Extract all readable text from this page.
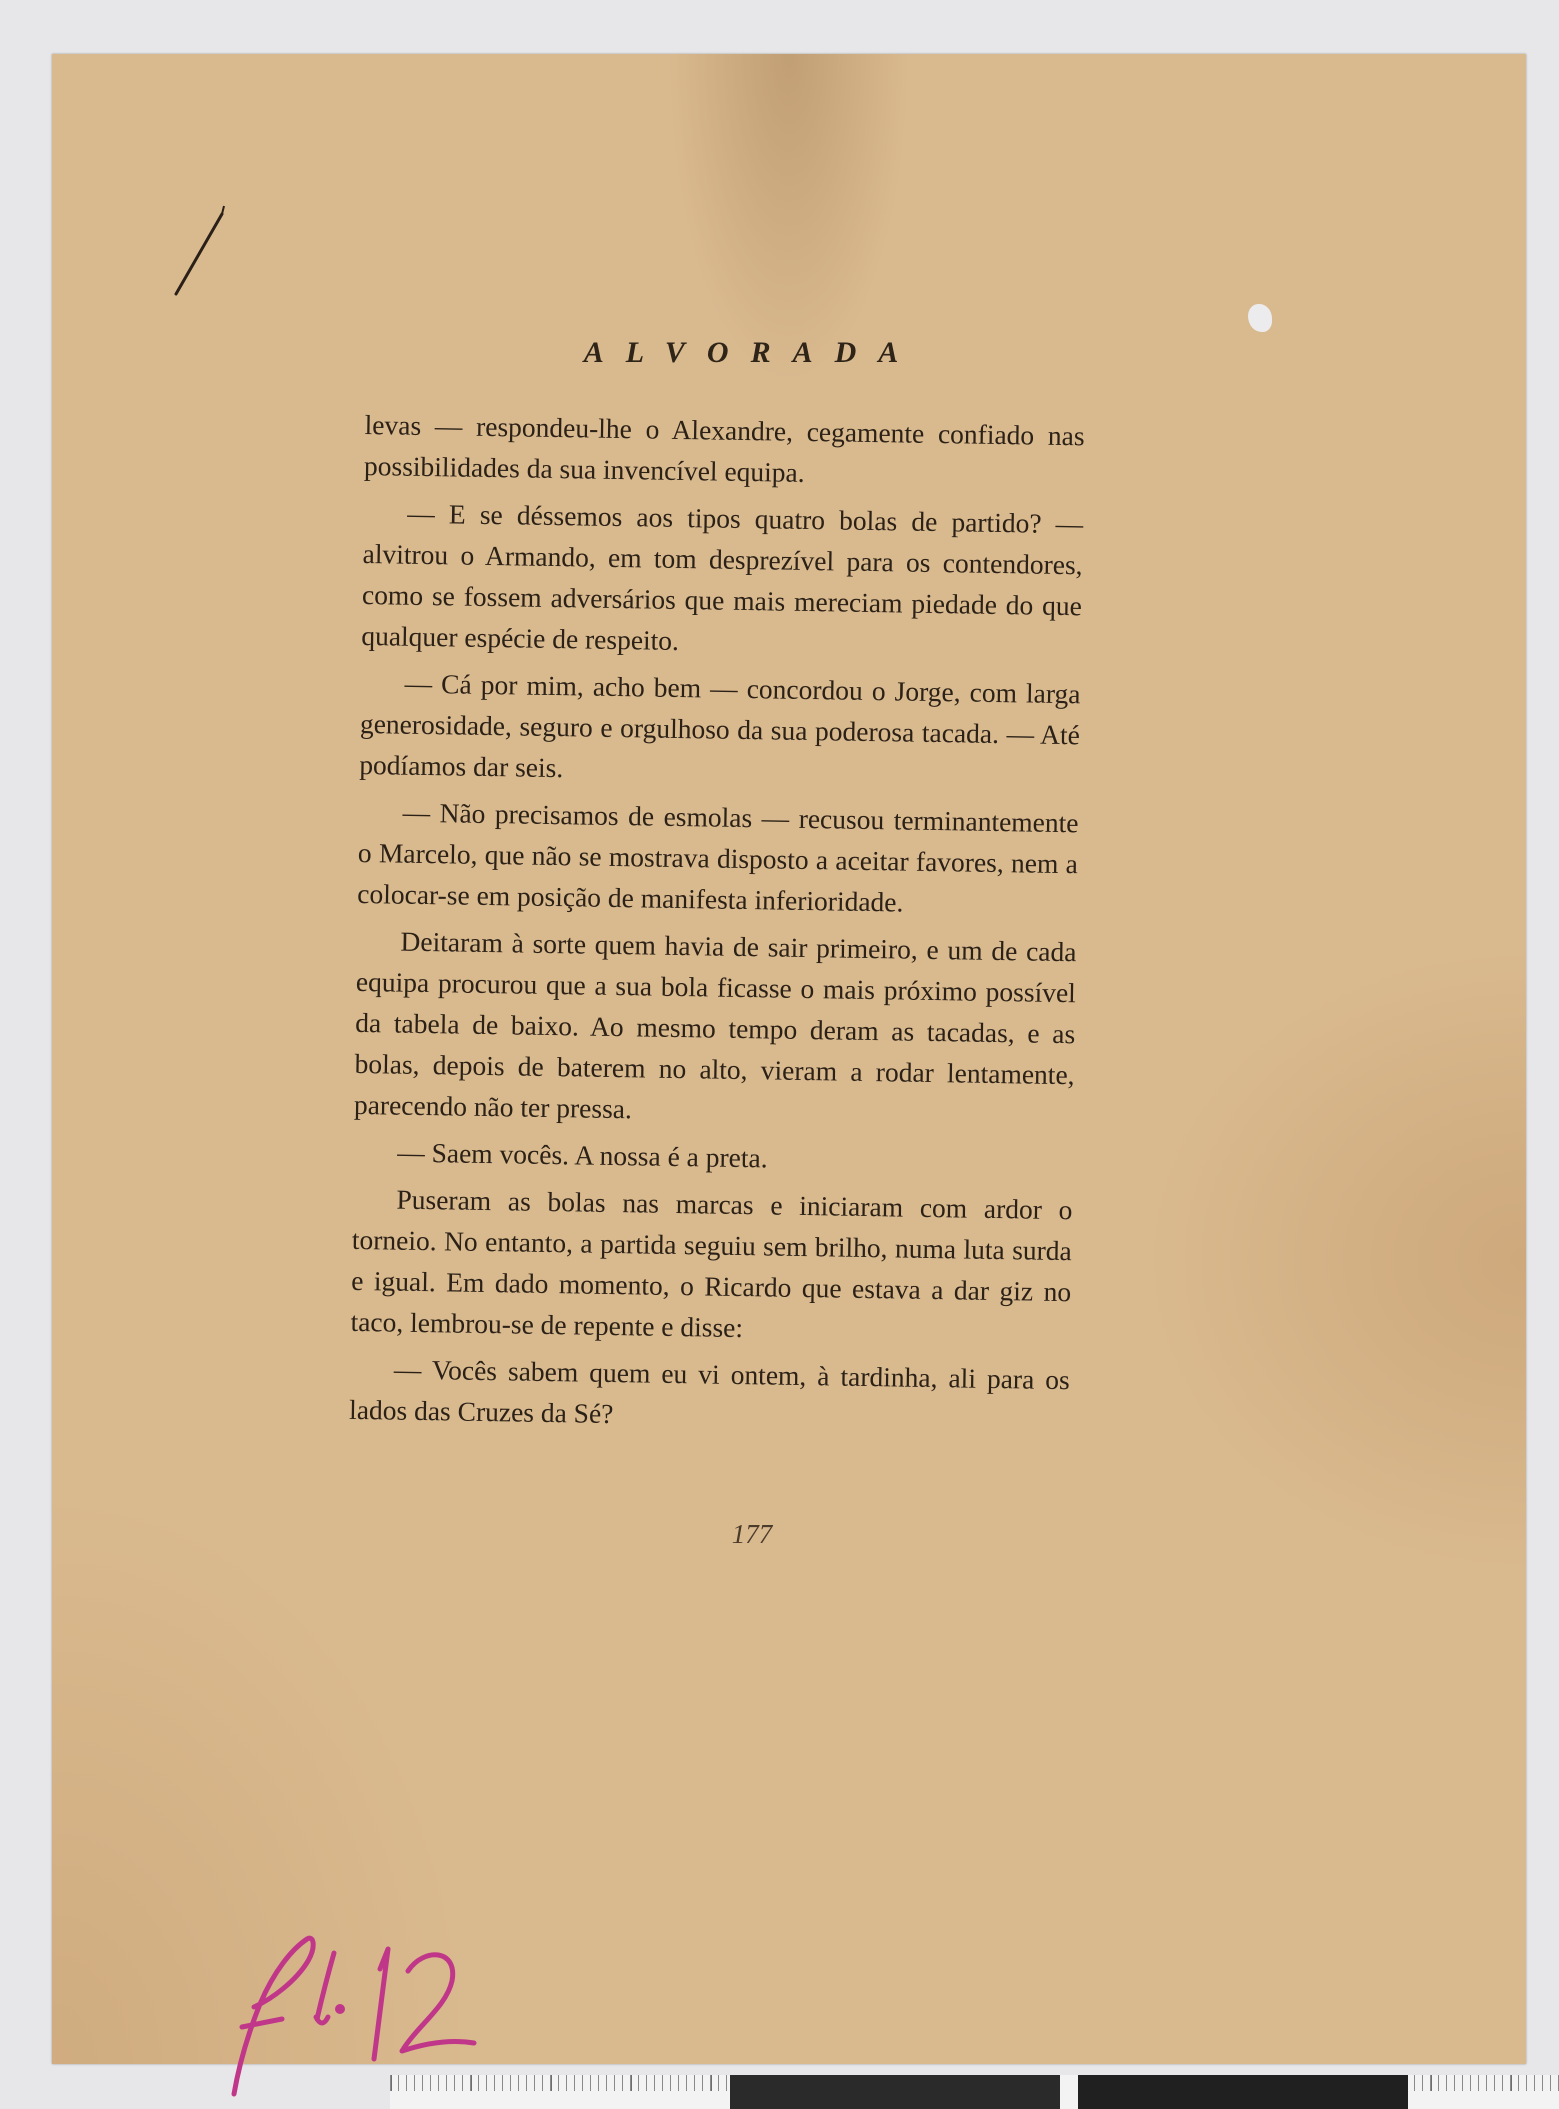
ALVORADA

levas — respondeu-lhe o Alexandre, cegamente confiado nas possibilidades da sua invencível equipa.

— E se déssemos aos tipos quatro bolas de partido? — alvitrou o Armando, em tom desprezível para os contendores, como se fossem adversários que mais mereciam piedade do que qualquer espécie de respeito.

— Cá por mim, acho bem — concordou o Jorge, com larga generosidade, seguro e orgulhoso da sua poderosa tacada. — Até podíamos dar seis.

— Não precisamos de esmolas — recusou terminantemente o Marcelo, que não se mostrava disposto a aceitar favores, nem a colocar-se em posição de manifesta inferioridade.

Deitaram à sorte quem havia de sair primeiro, e um de cada equipa procurou que a sua bola ficasse o mais próximo possível da tabela de baixo. Ao mesmo tempo deram as tacadas, e as bolas, depois de baterem no alto, vieram a rodar lentamente, parecendo não ter pressa.

— Saem vocês. A nossa é a preta.

Puseram as bolas nas marcas e iniciaram com ardor o torneio. No entanto, a partida seguiu sem brilho, numa luta surda e igual. Em dado momento, o Ricardo que estava a dar giz no taco, lembrou-se de repente e disse:

— Vocês sabem quem eu vi ontem, à tardinha, ali para os lados das Cruzes da Sé?

177
